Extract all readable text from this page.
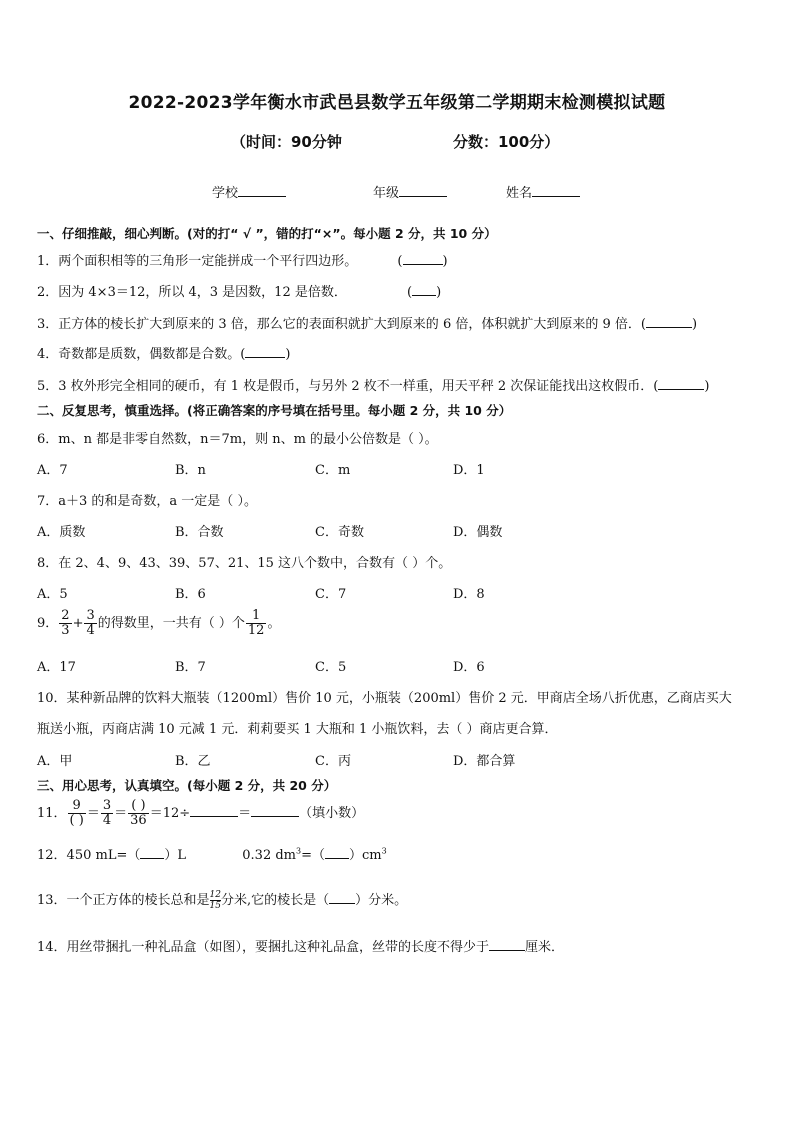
2022-2023学年衡水市武邑县数学五年级第二学期期末检测模拟试题
（时间：90分钟	分数：100分）
学校	年级	姓名
一、仔细推敲，细心判断。(对的打“ √ ”，错的打“×”。每小题 2 分，共 10 分）
1．两个面积相等的三角形一定能拼成一个平行四边形。	(	)
2．因为 4×3＝12，所以 4，3 是因数，12 是倍数．	( )
3．正方体的棱长扩大到原来的 3 倍，那么它的表面积就扩大到原来的 6 倍，体积就扩大到原来的 9 倍．(	)
4．奇数都是质数，偶数都是合数。(	)
5．3 枚外形完全相同的硬币，有 1 枚是假币，与另外 2 枚不一样重，用天平秤 2 次保证能找出这枚假币．(	)
二、反复思考，慎重选择。(将正确答案的序号填在括号里。每小题 2 分，共 10 分）
6．m、n 都是非零自然数，n＝7m，则 n、m 的最小公倍数是（ ）。
A．7	B．n	C．m	D．1
7．a＋3 的和是奇数，a 一定是（ ）。
A．质数	B．合数	C．奇数	D．偶数
8．在 2、4、9、43、39、57、21、15 这八个数中，合数有（ ）个。
A．5	B．6	C．7	D．8
9． $\frac{2}{3} + \frac{3}{4}$ 的得数里，一共有（ ）个 $\frac{1}{12}$ 。
A．17	B．7	C．5	D．6
10．某种新品牌的饮料大瓶装（1200ml）售价 10 元，小瓶装（200ml）售价 2 元．甲商店全场八折优惠，乙商店买大
瓶送小瓶，丙商店满 10 元减 1 元．莉莉要买 1 大瓶和 1 小瓶饮料，去（ ）商店更合算．
A．甲	B．乙	C．丙	D．都合算
三、用心思考，认真填空。(每小题 2 分，共 20 分）
11． $\frac{9}{( )} = \frac{3}{4} = \frac{( )}{36} =12\div$	＝	（填小数）
12．450 mL=（ ）L	0.32 $dm^3=$（ ）$cm^3$
13．一个正方体的棱长总和是 $\frac{12}{15}$分米,它的棱长是（ ）分米。
14．用丝带捆扎一种礼品盒（如图），要捆扎这种礼品盒，丝带的长度不得少于	厘米．
